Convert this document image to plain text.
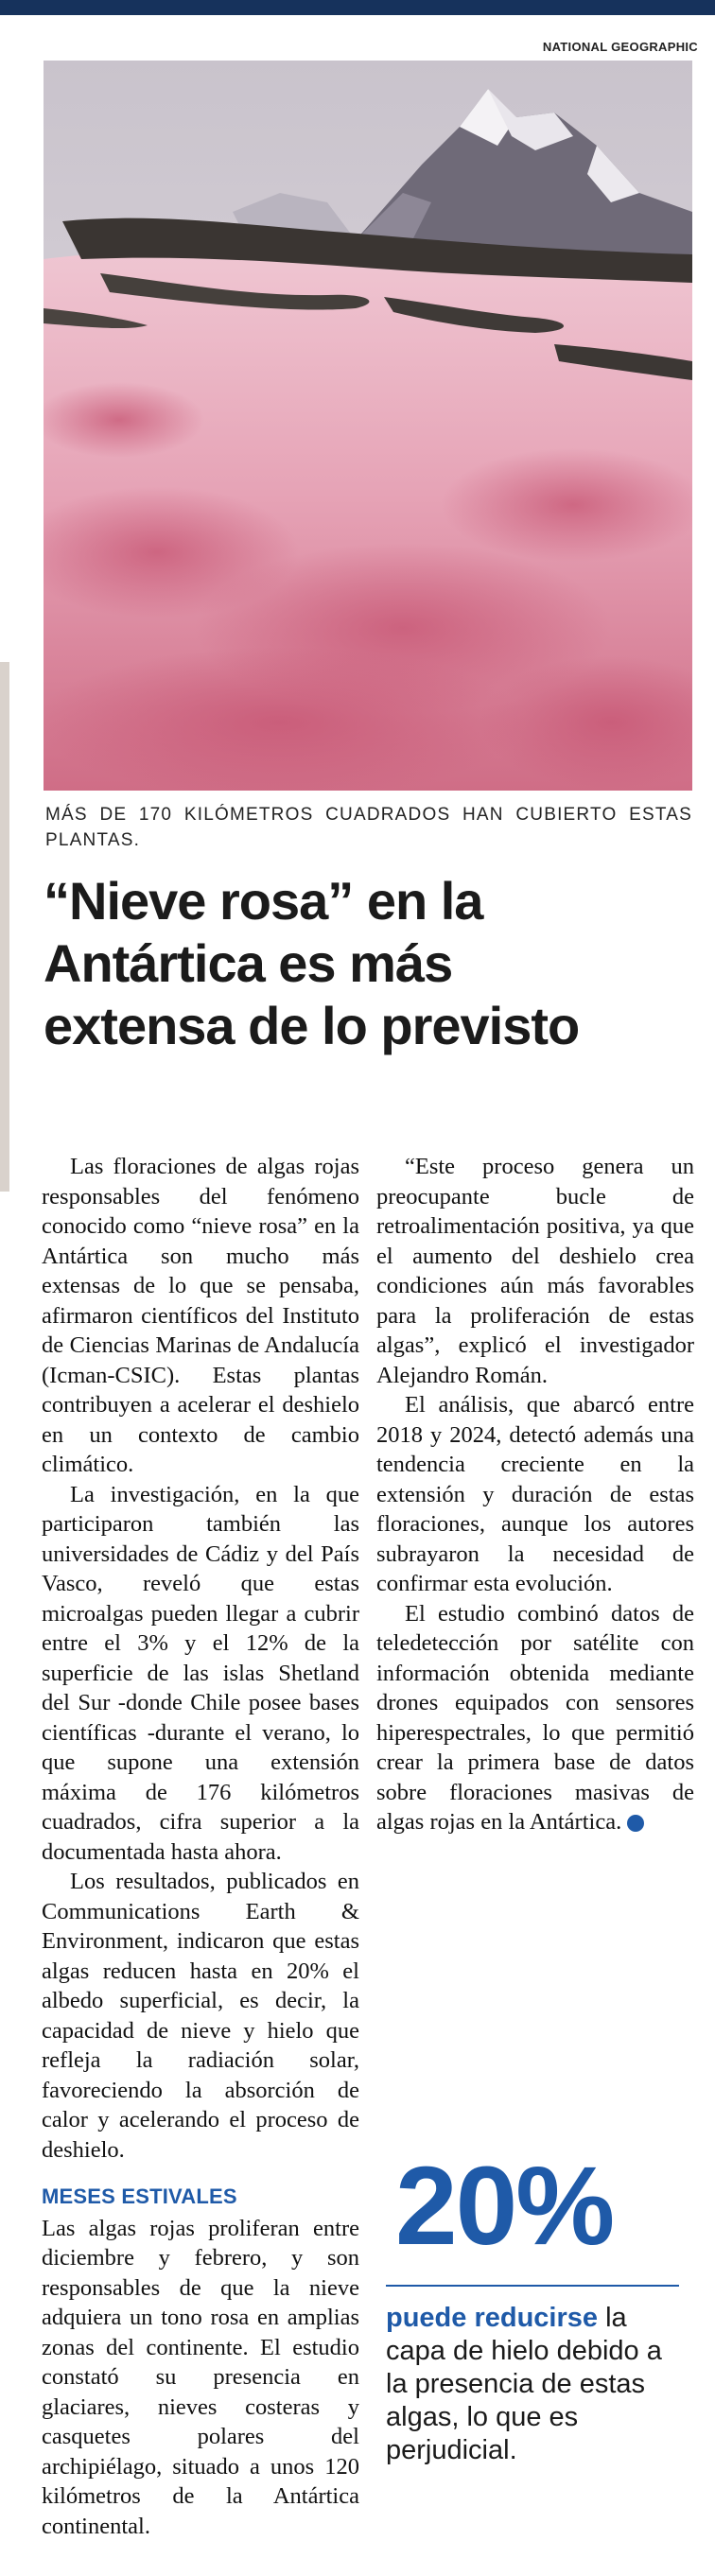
NATIONAL GEOGRAPHIC
MÁS DE 170 KILÓMETROS CUADRADOS HAN CUBIERTO ESTAS PLANTAS.
“Nieve rosa” en la
Antártica es más
extensa de lo previsto

Las floraciones de algas rojas responsables del fenómeno conocido como “nieve rosa” en la Antártica son mucho más extensas de lo que se pensaba, afirmaron científicos del Instituto de Ciencias Marinas de Andalucía (Icman-CSIC). Estas plantas contribuyen a acelerar el deshielo en un contexto de cambio climático.

La investigación, en la que participaron también las universidades de Cádiz y del País Vasco, reveló que estas microalgas pueden llegar a cubrir entre el 3% y el 12% de la superficie de las islas Shetland del Sur -donde Chile posee bases científicas -durante el verano, lo que supone una extensión máxima de 176 kilómetros cuadrados, cifra superior a la documentada hasta ahora.

Los resultados, publicados en Communications Earth & Environment, indicaron que estas algas reducen hasta en 20% el albedo superficial, es decir, la capacidad de nieve y hielo que refleja la radiación solar, favoreciendo la absorción de calor y acelerando el proceso de deshielo.

MESES ESTIVALES

Las algas rojas proliferan entre diciembre y febrero, y son responsables de que la nieve adquiera un tono rosa en amplias zonas del continente. El estudio constató su presencia en glaciares, nieves costeras y casquetes polares del archipiélago, situado a unos 120 kilómetros de la Antártica continental.

“Este proceso genera un preocupante bucle de retroalimentación positiva, ya que el aumento del deshielo crea condiciones aún más favorables para la proliferación de estas algas”, explicó el investigador Alejandro Román.

El análisis, que abarcó entre 2018 y 2024, detectó además una tendencia creciente en la extensión y duración de estas floraciones, aunque los autores subrayaron la necesidad de confirmar esta evolución.

El estudio combinó datos de teledetección por satélite con información obtenida mediante drones equipados con sensores hiperespectrales, lo que permitió crear la primera base de datos sobre floraciones masivas de algas rojas en la Antártica.	✪

20%
puede reducirse la capa de hielo debido a la presencia de estas algas, lo que es perjudicial.
